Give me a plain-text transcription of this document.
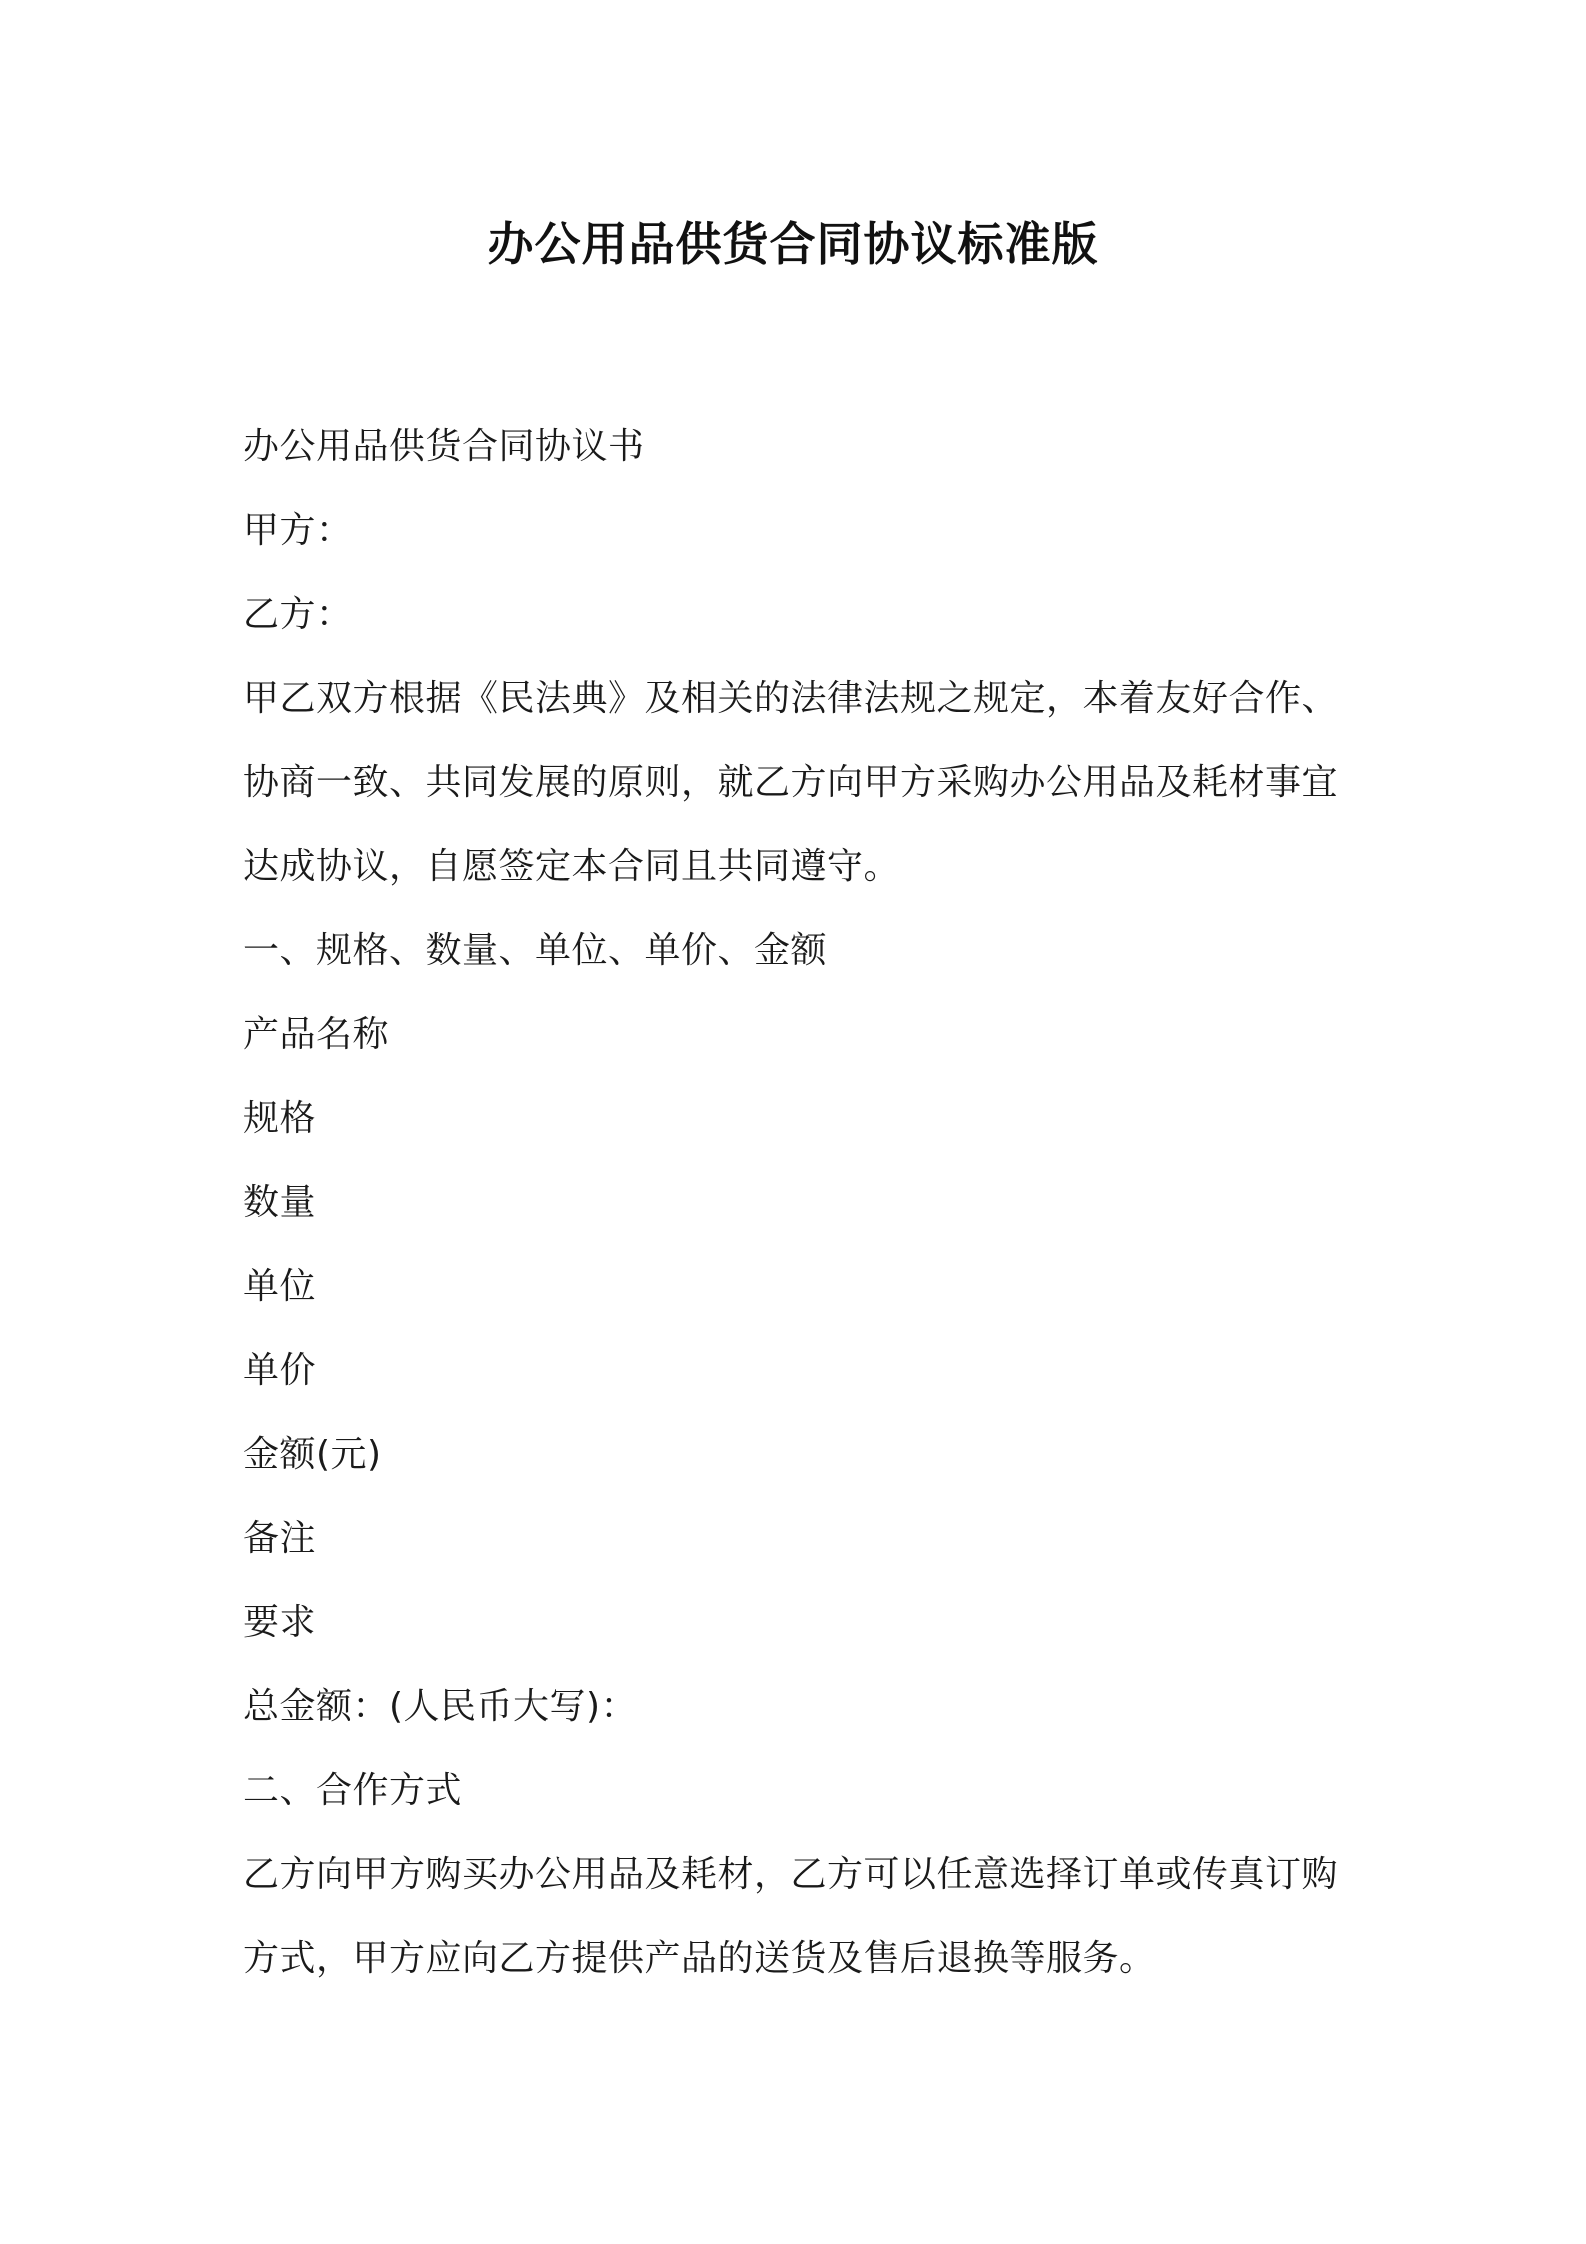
办公用品供货合同协议标准版

办公用品供货合同协议书

甲方：

乙方：

甲乙双方根据《民法典》及相关的法律法规之规定，本着友好合作、

协商一致、共同发展的原则，就乙方向甲方采购办公用品及耗材事宜

达成协议，自愿签定本合同且共同遵守。

一、规格、数量、单位、单价、金额

产品名称

规格

数量

单位

单价

金额(元)

备注

要求

总金额：(人民币大写)：

二、合作方式

乙方向甲方购买办公用品及耗材，乙方可以任意选择订单或传真订购

方式，甲方应向乙方提供产品的送货及售后退换等服务。
